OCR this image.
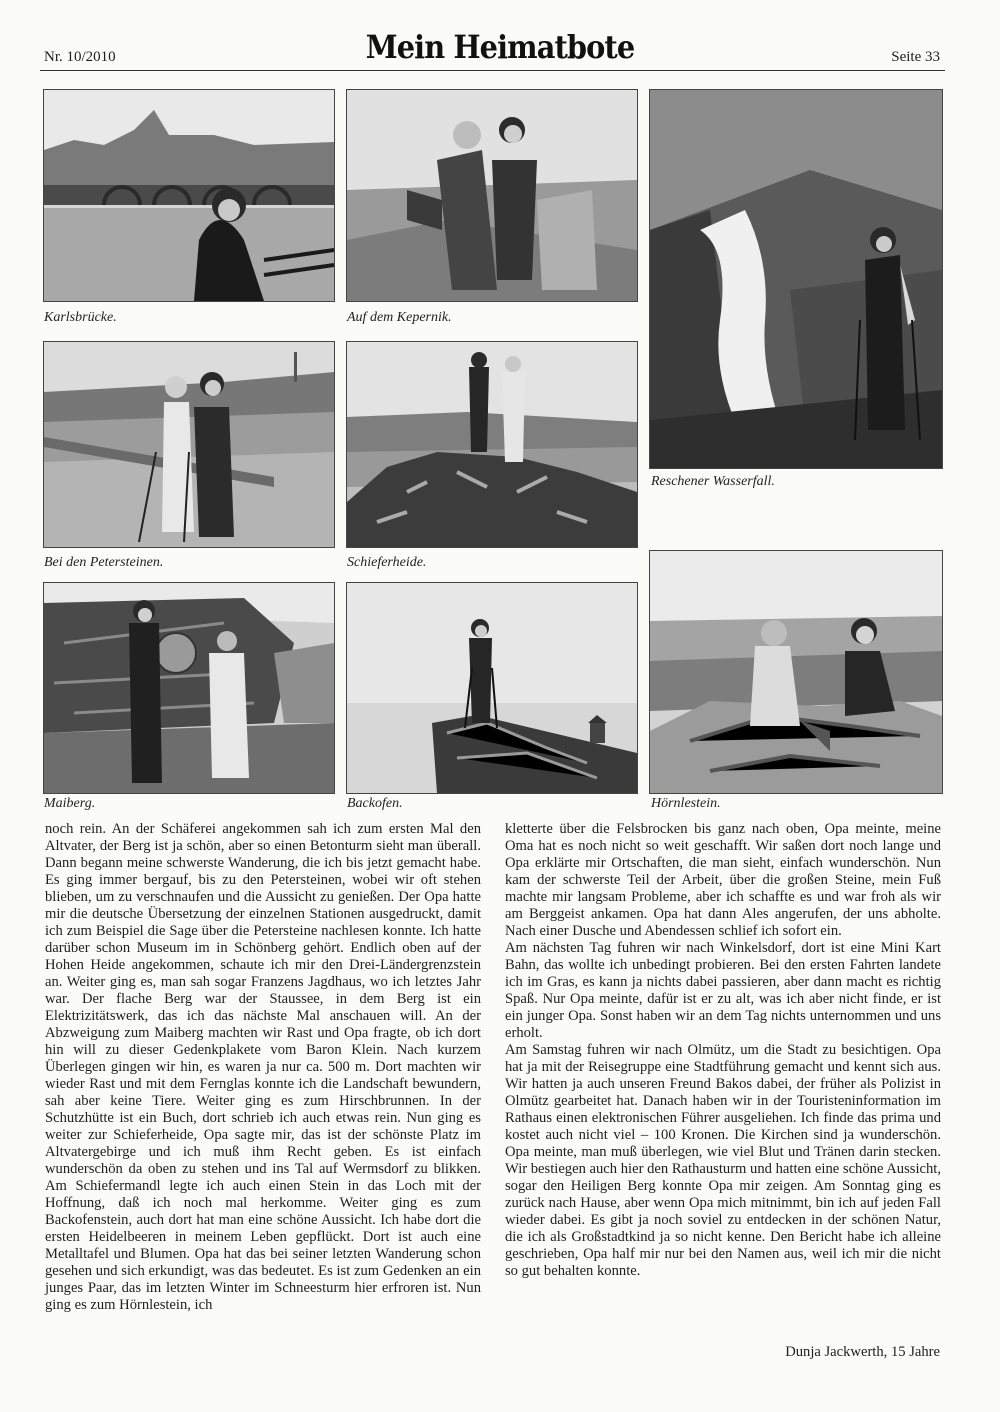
Nr. 10/2010	Mein Heimatbote	Seite 33
Karlsbrücke.	Auf dem Kepernik.
Reschener Wasserfall.
Bei den Petersteinen.	Schieferheide.
Maiberg.	Backofen.	Hörnlestein.

noch rein. An der Schäferei angekommen sah ich zum ersten Mal den Altvater, der Berg ist ja schön, aber so einen Betonturm sieht man überall. Dann begann meine schwerste Wanderung, die ich bis jetzt gemacht habe. Es ging immer bergauf, bis zu den Petersteinen, wobei wir oft stehen blieben, um zu verschnaufen und die Aussicht zu genießen. Der Opa hatte mir die deutsche Übersetzung der einzelnen Stationen ausgedruckt, damit ich zum Beispiel die Sage über die Petersteine nachlesen konnte. Ich hatte darüber schon Museum im in Schönberg gehört. Endlich oben auf der Hohen Heide angekommen, schaute ich mir den Drei-Ländergrenzstein an. Weiter ging es, man sah sogar Franzens Jagdhaus, wo ich letztes Jahr war. Der flache Berg war der Staussee, in dem Berg ist ein Elektrizitätswerk, das ich das nächste Mal anschauen will. An der Abzweigung zum Maiberg machten wir Rast und Opa fragte, ob ich dort hin will zu dieser Gedenkplakete vom Baron Klein. Nach kurzem Überlegen gingen wir hin, es waren ja nur ca. 500 m. Dort machten wir wieder Rast und mit dem Fernglas konnte ich die Landschaft bewundern, sah aber keine Tiere. Weiter ging es zum Hirschbrunnen. In der Schutzhütte ist ein Buch, dort schrieb ich auch etwas rein. Nun ging es weiter zur Schieferheide, Opa sagte mir, das ist der schönste Platz im Altvatergebirge und ich muß ihm Recht geben. Es ist einfach wunderschön da oben zu stehen und ins Tal auf Wermsdorf zu blikken. Am Schiefermandl legte ich auch einen Stein in das Loch mit der Hoffnung, daß ich noch mal herkomme. Weiter ging es zum Backofenstein, auch dort hat man eine schöne Aussicht. Ich habe dort die ersten Heidelbeeren in meinem Leben gepflückt. Dort ist auch eine Metalltafel und Blumen. Opa hat das bei seiner letzten Wanderung schon gesehen und sich erkundigt, was das bedeutet. Es ist zum Gedenken an ein junges Paar, das im letzten Winter im Schneesturm hier erfroren ist. Nun ging es zum Hörnlestein, ich

kletterte über die Felsbrocken bis ganz nach oben, Opa meinte, meine Oma hat es noch nicht so weit geschafft. Wir saßen dort noch lange und Opa erklärte mir Ortschaften, die man sieht, einfach wunderschön. Nun kam der schwerste Teil der Arbeit, über die großen Steine, mein Fuß machte mir langsam Probleme, aber ich schaffte es und war froh als wir am Berggeist ankamen. Opa hat dann Ales angerufen, der uns abholte. Nach einer Dusche und Abendessen schlief ich sofort ein.

Am nächsten Tag fuhren wir nach Winkelsdorf, dort ist eine Mini Kart Bahn, das wollte ich unbedingt probieren. Bei den ersten Fahrten landete ich im Gras, es kann ja nichts dabei passieren, aber dann macht es richtig Spaß. Nur Opa meinte, dafür ist er zu alt, was ich aber nicht finde, er ist ein junger Opa. Sonst haben wir an dem Tag nichts unternommen und uns erholt.

Am Samstag fuhren wir nach Olmütz, um die Stadt zu besichtigen. Opa hat ja mit der Reisegruppe eine Stadtführung gemacht und kennt sich aus. Wir hatten ja auch unseren Freund Bakos dabei, der früher als Polizist in Olmütz gearbeitet hat. Danach haben wir in der Touristeninformation im Rathaus einen elektronischen Führer ausgeliehen. Ich finde das prima und kostet auch nicht viel – 100 Kronen. Die Kirchen sind ja wunderschön. Opa meinte, man muß überlegen, wie viel Blut und Tränen darin stecken. Wir bestiegen auch hier den Rathausturm und hatten eine schöne Aussicht, sogar den Heiligen Berg konnte Opa mir zeigen. Am Sonntag ging es zurück nach Hause, aber wenn Opa mich mitnimmt, bin ich auf jeden Fall wieder dabei. Es gibt ja noch soviel zu entdecken in der schönen Natur, die ich als Großstadtkind ja so nicht kenne. Den Bericht habe ich alleine geschrieben, Opa half mir nur bei den Namen aus, weil ich mir die nicht so gut behalten konnte.

Dunja Jackwerth, 15 Jahre
